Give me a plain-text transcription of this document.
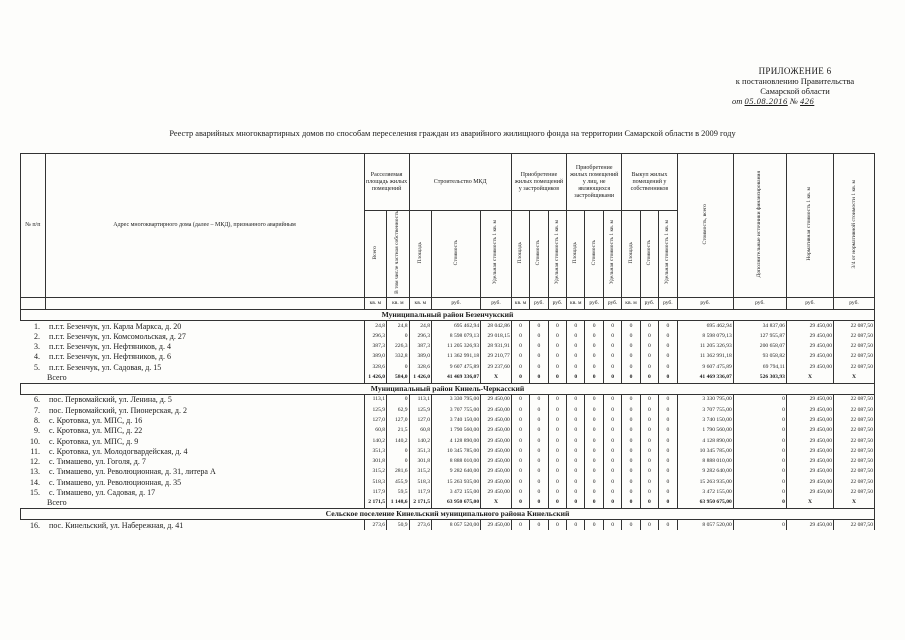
ПРИЛОЖЕНИЕ 6
к постановлению Правительства
Самарской области
от 05.08.2016 № 426
Реестр аварийных многоквартирных домов по способам переселения граждан из аварийного жилищного фонда на территории Самарской области в 2009 году
№ п/п	Адрес многоквартирного дома (далее – МКД), признанного аварийным	Расселяемая площадь жилых помещений		Строительство МКД			Приобретение жилых помещений у застройщиков			Приобретение жилых помещений у лиц, не являющихся застройщиками			Выкуп жилых помещений у собственников			Стоимость, всего	Дополнительные источники финансирования	Нормативная стоимость 1 кв. м	3/4 от нормативной стоимости 1 кв. м
		Всего	В том числе частная собственность	Площадь	Стоимость	Удельная стоимость 1 кв. м	Площадь	Стоимость	Удельная стоимость 1 кв. м	Площадь	Стоимость	Удельная стоимость 1 кв. м	Площадь	Стоимость	Удельная стоимость 1 кв. м				
		кв. м	кв. м	кв. м	руб.	руб.	кв. м	руб.	руб.	кв. м	руб.	руб.	кв. м	руб.	руб.	руб.	руб.	руб.	руб.
Муниципальный район Безенчукский																			
1.	п.г.т. Безенчук, ул. Карла Маркса, д. 20	24,8	24,8	24,8	695 462,94	28 042,86	0	0	0	0	0	0	0	0	0	695 462,94	34 837,06	29 450,00	22 087,50
2.	п.г.т. Безенчук, ул. Комсомольская, д. 27	296,3	0	296,3	8 598 079,13	29 018,15	0	0	0	0	0	0	0	0	0	8 598 079,13	127 955,87	29 450,00	22 087,50
3.	п.г.т. Безенчук, ул. Нефтяников, д. 4	387,3	226,3	387,3	11 205 326,93	28 931,91	0	0	0	0	0	0	0	0	0	11 205 326,93	200 658,07	29 450,00	22 087,50
4.	п.г.т. Безенчук, ул. Нефтяников, д. 6	389,0	332,8	389,0	11 362 991,18	29 210,77	0	0	0	0	0	0	0	0	0	11 362 991,18	93 058,82	29 450,00	22 087,50
5.	п.г.т. Безенчук, ул. Садовая, д. 15	328,6	0	328,6	9 607 475,89	29 237,60	0	0	0	0	0	0	0	0	0	9 607 475,89	69 794,11	29 450,00	22 087,50
	Всего	1 426,0	584,0	1 426,0	41 469 336,07	X	0	0	0	0	0	0	0	0	0	41 469 336,07	526 303,93	X	X
Муниципальный район Кинель-Черкасский																			
6.	пос. Первомайский, ул. Ленина, д. 5	113,1	0	113,1	3 330 795,00	29 450,00	0	0	0	0	0	0	0	0	0	3 330 795,00	0	29 450,00	22 087,50
7.	пос. Первомайский, ул. Пионерская, д. 2	125,9	62,9	125,9	3 707 755,00	29 450,00	0	0	0	0	0	0	0	0	0	3 707 755,00	0	29 450,00	22 087,50
8.	с. Кротовка, ул. МПС, д. 16	127,0	127,0	127,0	3 740 150,00	29 450,00	0	0	0	0	0	0	0	0	0	3 740 150,00	0	29 450,00	22 087,50
9.	с. Кротовка, ул. МПС, д. 22	60,8	21,5	60,8	1 790 560,00	29 450,00	0	0	0	0	0	0	0	0	0	1 790 560,00	0	29 450,00	22 087,50
10.	с. Кротовка, ул. МПС, д. 9	140,2	140,2	140,2	4 128 890,00	29 450,00	0	0	0	0	0	0	0	0	0	4 128 890,00	0	29 450,00	22 087,50
11.	с. Кротовка, ул. Молодогвардейская, д. 4	351,3	0	351,3	10 345 785,00	29 450,00	0	0	0	0	0	0	0	0	0	10 345 785,00	0	29 450,00	22 087,50
12.	с. Тимашево, ул. Гоголя, д. 7	301,8	0	301,8	8 888 010,00	29 450,00	0	0	0	0	0	0	0	0	0	8 888 010,00	0	29 450,00	22 087,50
13.	с. Тимашево, ул. Революционная, д. 31, литера А	315,2	281,6	315,2	9 282 640,00	29 450,00	0	0	0	0	0	0	0	0	0	9 282 640,00	0	29 450,00	22 087,50
14.	с. Тимашево, ул. Революционная, д. 35	518,3	455,9	518,3	15 263 935,00	29 450,00	0	0	0	0	0	0	0	0	0	15 263 935,00	0	29 450,00	22 087,50
15.	с. Тимашево, ул. Садовая, д. 17	117,9	59,5	117,9	3 472 155,00	29 450,00	0	0	0	0	0	0	0	0	0	3 472 155,00	0	29 450,00	22 087,50
	Всего	2 171,5	1 148,6	2 171,5	63 950 675,00	X	0	0	0	0	0	0	0	0	0	63 950 675,00	0	X	X
Сельское поселение Кинельский муниципального района Кинельский																			
16.	пос. Кинельский, ул. Набережная, д. 41	273,6	50,9	273,6	8 057 520,00	29 450,00	0	0	0	0	0	0	0	0	0	8 057 520,00	0	29 450,00	22 087,50
